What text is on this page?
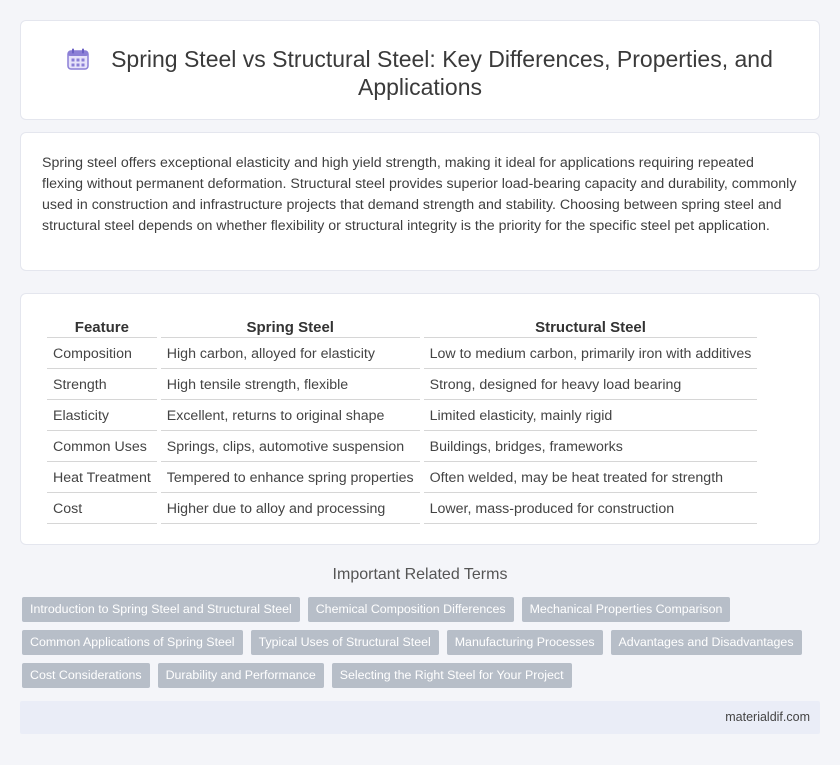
Spring Steel vs Structural Steel: Key Differences, Properties, and Applications

Spring steel offers exceptional elasticity and high yield strength, making it ideal for applications requiring repeated flexing without permanent deformation. Structural steel provides superior load-bearing capacity and durability, commonly used in construction and infrastructure projects that demand strength and stability. Choosing between spring steel and structural steel depends on whether flexibility or structural integrity is the priority for the specific steel pet application.

Feature	Spring Steel	Structural Steel
Composition	High carbon, alloyed for elasticity	Low to medium carbon, primarily iron with additives
Strength	High tensile strength, flexible	Strong, designed for heavy load bearing
Elasticity	Excellent, returns to original shape	Limited elasticity, mainly rigid
Common Uses	Springs, clips, automotive suspension	Buildings, bridges, frameworks
Heat Treatment	Tempered to enhance spring properties	Often welded, may be heat treated for strength
Cost	Higher due to alloy and processing	Lower, mass-produced for construction
Important Related Terms
Introduction to Spring Steel and Structural Steel	Chemical Composition Differences	Mechanical Properties Comparison
Common Applications of Spring Steel	Typical Uses of Structural Steel	Manufacturing Processes	Advantages and Disadvantages
Cost Considerations	Durability and Performance	Selecting the Right Steel for Your Project
materialdif.com
